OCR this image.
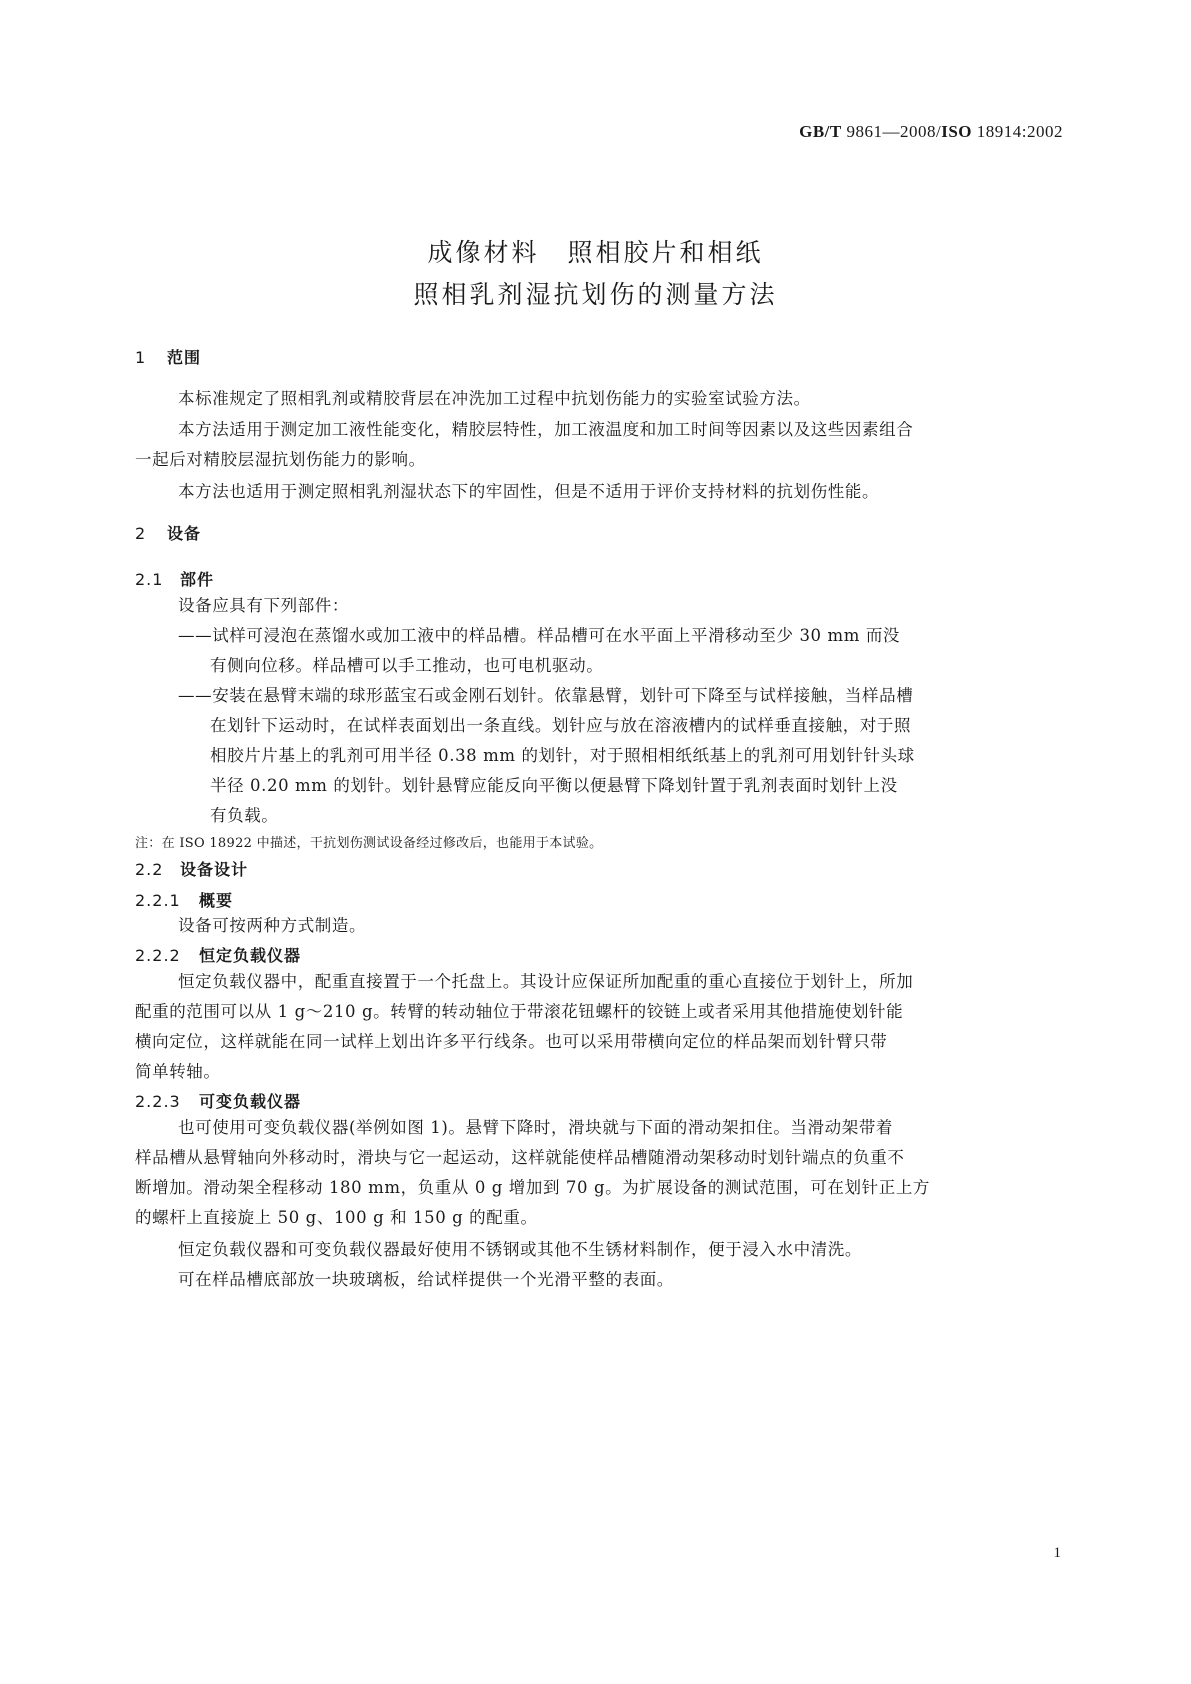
GB/T 9861—2008/ISO 18914:2002
成像材料　照相胶片和相纸
照相乳剂湿抗划伤的测量方法
1 范围
本标准规定了照相乳剂或精胶背层在冲洗加工过程中抗划伤能力的实验室试验方法。
本方法适用于测定加工液性能变化，精胶层特性，加工液温度和加工时间等因素以及这些因素组合
一起后对精胶层湿抗划伤能力的影响。
本方法也适用于测定照相乳剂湿状态下的牢固性，但是不适用于评价支持材料的抗划伤性能。
2 设备
2.1 部件
设备应具有下列部件：
——试样可浸泡在蒸馏水或加工液中的样品槽。样品槽可在水平面上平滑移动至少 30 mm 而没
有侧向位移。样品槽可以手工推动，也可电机驱动。
——安装在悬臂末端的球形蓝宝石或金刚石划针。依靠悬臂，划针可下降至与试样接触，当样品槽
在划针下运动时，在试样表面划出一条直线。划针应与放在溶液槽内的试样垂直接触，对于照
相胶片片基上的乳剂可用半径 0.38 mm 的划针，对于照相相纸纸基上的乳剂可用划针针头球
半径 0.20 mm 的划针。划针悬臂应能反向平衡以便悬臂下降划针置于乳剂表面时划针上没
有负载。
注：在 ISO 18922 中描述，干抗划伤测试设备经过修改后，也能用于本试验。
2.2 设备设计
2.2.1 概要
设备可按两种方式制造。
2.2.2 恒定负载仪器
恒定负载仪器中，配重直接置于一个托盘上。其设计应保证所加配重的重心直接位于划针上，所加
配重的范围可以从 1 g～210 g。转臂的转动轴位于带滚花钮螺杆的铰链上或者采用其他措施使划针能
横向定位，这样就能在同一试样上划出许多平行线条。也可以采用带横向定位的样品架而划针臂只带
简单转轴。
2.2.3 可变负载仪器
也可使用可变负载仪器(举例如图 1)。悬臂下降时，滑块就与下面的滑动架扣住。当滑动架带着
样品槽从悬臂轴向外移动时，滑块与它一起运动，这样就能使样品槽随滑动架移动时划针端点的负重不
断增加。滑动架全程移动 180 mm，负重从 0 g 增加到 70 g。为扩展设备的测试范围，可在划针正上方
的螺杆上直接旋上 50 g、100 g 和 150 g 的配重。
恒定负载仪器和可变负载仪器最好使用不锈钢或其他不生锈材料制作，便于浸入水中清洗。
可在样品槽底部放一块玻璃板，给试样提供一个光滑平整的表面。
1
